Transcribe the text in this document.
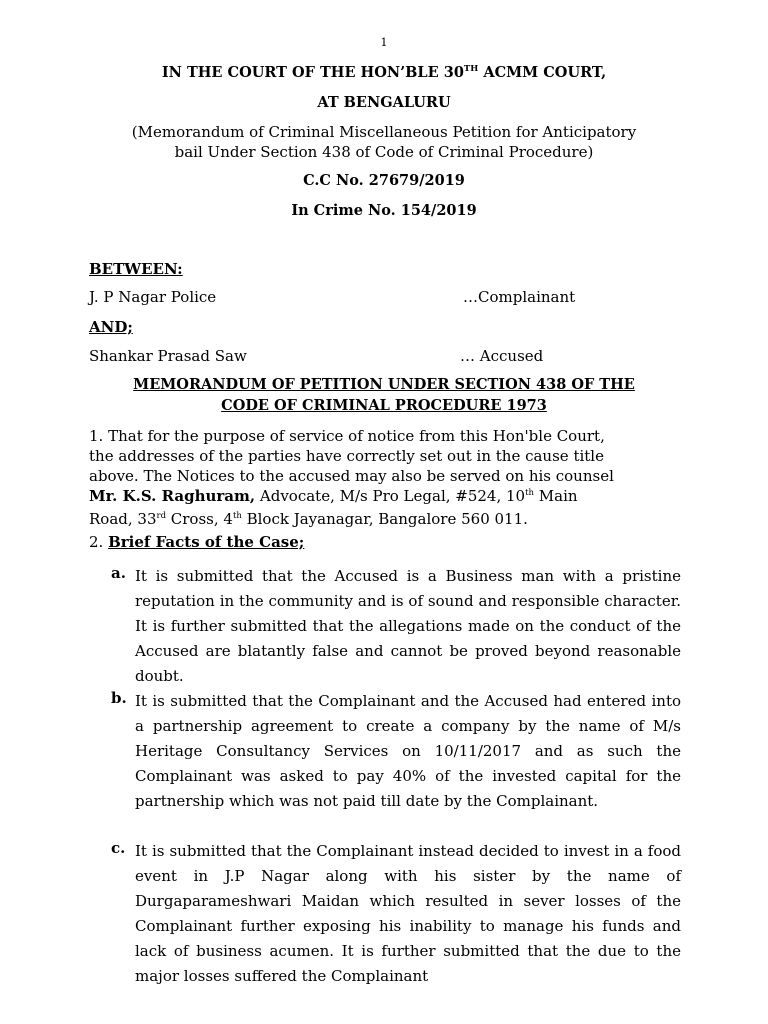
1
IN THE COURT OF THE HON’BLE 30TH ACMM COURT,
AT BENGALURU
(Memorandum of Criminal Miscellaneous Petition for Anticipatory
bail Under Section 438 of Code of Criminal Procedure)
C.C No. 27679/2019
In Crime No. 154/2019
BETWEEN:
J. P Nagar Police	…Complainant
AND;
Shankar Prasad Saw	… Accused
MEMORANDUM OF PETITION UNDER SECTION 438 OF THE
CODE OF CRIMINAL PROCEDURE 1973
1. That for the purpose of service of notice from this Hon'ble Court,
the addresses of the parties have correctly set out in the cause title
above. The Notices to the accused may also be served on his counsel
Mr. K.S. Raghuram, Advocate, M/s Pro Legal, #524, 10th Main
Road, 33rd Cross, 4th Block Jayanagar, Bangalore 560 011.
2. Brief Facts of the Case;
a. It is submitted that the Accused is a Business man with a pristine reputation in the community and is of sound and responsible character. It is further submitted that the allegations made on the conduct of the Accused are blatantly false and cannot be proved beyond reasonable doubt.
b. It is submitted that the Complainant and the Accused had entered into a partnership agreement to create a company by the name of M/s Heritage Consultancy Services on 10/11/2017 and as such the Complainant was asked to pay 40% of the invested capital for the partnership which was not paid till date by the Complainant.
c. It is submitted that the Complainant instead decided to invest in a food event in J.P Nagar along with his sister by the name of Durgaparameshwari Maidan which resulted in sever losses of the Complainant further exposing his inability to manage his funds and lack of business acumen. It is further submitted that the due to the major losses suffered the Complainant
